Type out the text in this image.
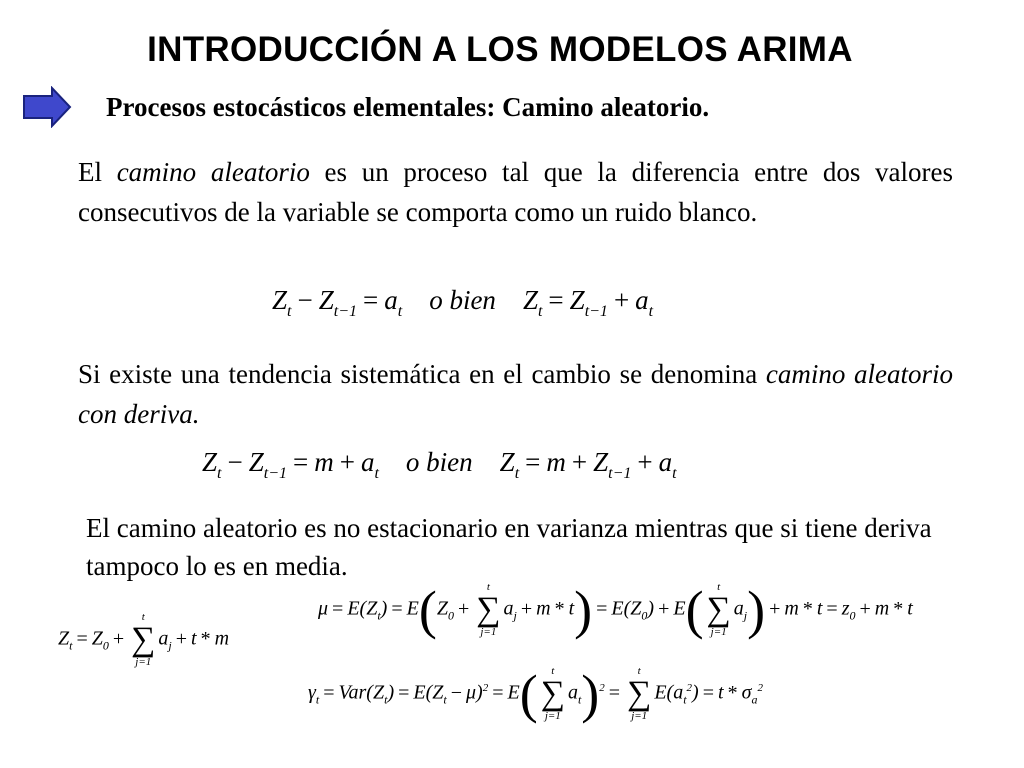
INTRODUCCIÓN A LOS MODELOS ARIMA
Procesos estocásticos elementales: Camino aleatorio.
El camino aleatorio es un proceso tal que la diferencia entre dos valores consecutivos de la variable se comporta como un ruido blanco.
$Z_t - Z_{t-1} = a_t$ o bien    $Z_t = Z_{t-1} + a_t$
Si existe una tendencia sistemática en el cambio se denomina camino aleatorio con deriva.
$Z_t - Z_{t-1} = m + a_t$ o bien    $Z_t = m + Z_{t-1} + a_t$
El camino aleatorio es no estacionario en varianza mientras que si tiene deriva tampoco lo es en media.
$Z_t = Z_0$ +
t
∑
j=1
$a_j + t * m$
$\mu = E(Z_t) = E(Z_0$ +
t
∑
j=1
$a_j + m * t) = E(Z_0) + E$(	t
∑
j=1
$a_j) + m * t = z_0 + m * t$
$\gamma_t = Var(Z_t) = E(Z_t - \mu)^2 = E$(	t
∑
j=1
$a_t)^2$ =
t
∑
j=1
$E(a_t^2) = t * \sigma_a^2$
